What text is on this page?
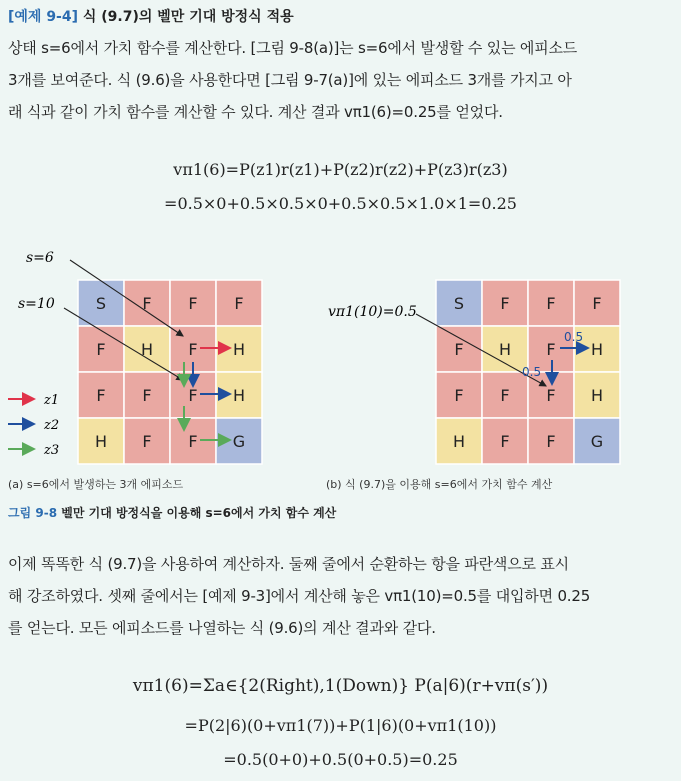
[예제 9-4] 식 (9.7)의 벨만 기대 방정식 적용
상태 s=6에서 가치 함수를 계산한다. [그림 9-8(a)]는 s=6에서 발생할 수 있는 에피소드
3개를 보여준다. 식 (9.6)을 사용한다면 [그림 9-7(a)]에 있는 에피소드 3개를 가지고 아
래 식과 같이 가치 함수를 계산할 수 있다. 계산 결과 vπ1(6)=0.25를 얻었다.
vπ1(6)=P(z1)r(z1)+P(z2)r(z2)+P(z3)r(z3)
=0.5×0+0.5×0.5×0+0.5×0.5×1.0×1=0.25
S F F F
F H F H
F F F H
H F F G
S F F F
F H F H
F F F H
H F F G
s=6
s=10
z1
z2
z3
vπ1(10)=0.5
0.5
0.5
(a) s=6에서 발생하는 3개 에피소드	(b) 식 (9.7)을 이용해 s=6에서 가치 함수 계산
그림 9-8 벨만 기대 방정식을 이용해 s=6에서 가치 함수 계산
이제 똑똑한 식 (9.7)을 사용하여 계산하자. 둘째 줄에서 순환하는 항을 파란색으로 표시
해 강조하였다. 셋째 줄에서는 [예제 9-3]에서 계산해 놓은 vπ1(10)=0.5를 대입하면 0.25
를 얻는다. 모든 에피소드를 나열하는 식 (9.6)의 계산 결과와 같다.
vπ1(6)=Σa∈{2(Right),1(Down)} P(a|6)(r+vπ(s′))
=P(2|6)(0+vπ1(7))+P(1|6)(0+vπ1(10))
=0.5(0+0)+0.5(0+0.5)=0.25
